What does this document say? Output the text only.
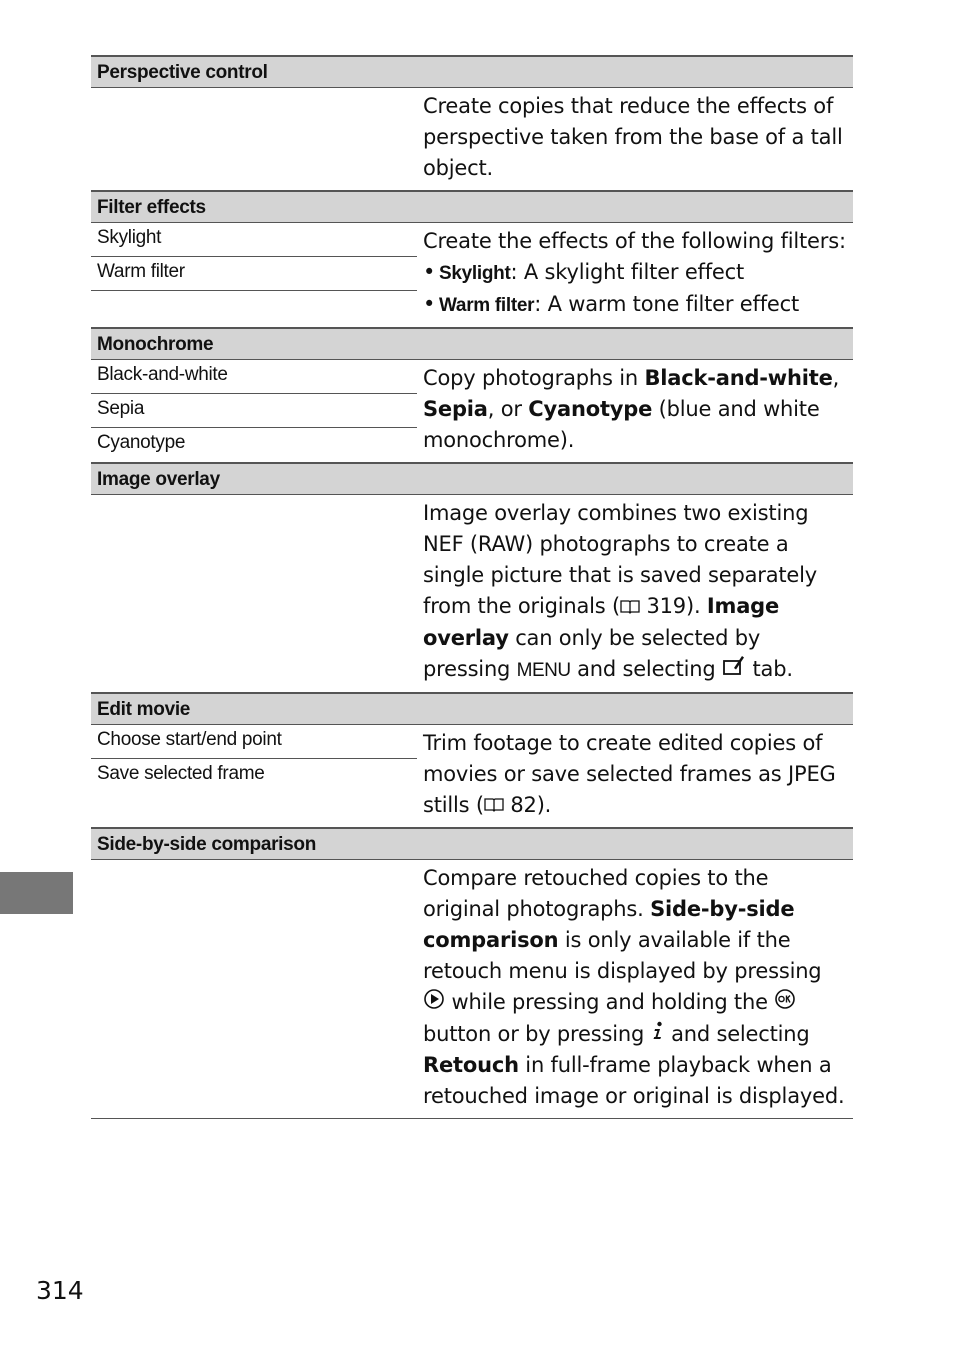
Perspective control
Create copies that reduce the effects of perspective taken from the base of a tall object.
Filter effects
Skylight
Warm filter
Create the effects of the following filters:
• Skylight: A skylight filter effect
• Warm filter: A warm tone filter effect
Monochrome
Black-and-white
Sepia
Cyanotype
Copy photographs in Black-and-white, Sepia, or Cyanotype (blue and white monochrome).
Image overlay
Image overlay combines two existing NEF (RAW) photographs to create a single picture that is saved separately from the originals ( 319). Image overlay can only be selected by pressing MENU and selecting  tab.
Edit movie
Choose start/end point
Save selected frame
Trim footage to create edited copies of movies or save selected frames as JPEG stills ( 82).
Side-by-side comparison
Compare retouched copies to the original photographs. Side-by-side comparison is only available if the retouch menu is displayed by pressing  while pressing and holding the  button or by pressing  and selecting Retouch in full-frame playback when a retouched image or original is displayed.
314
